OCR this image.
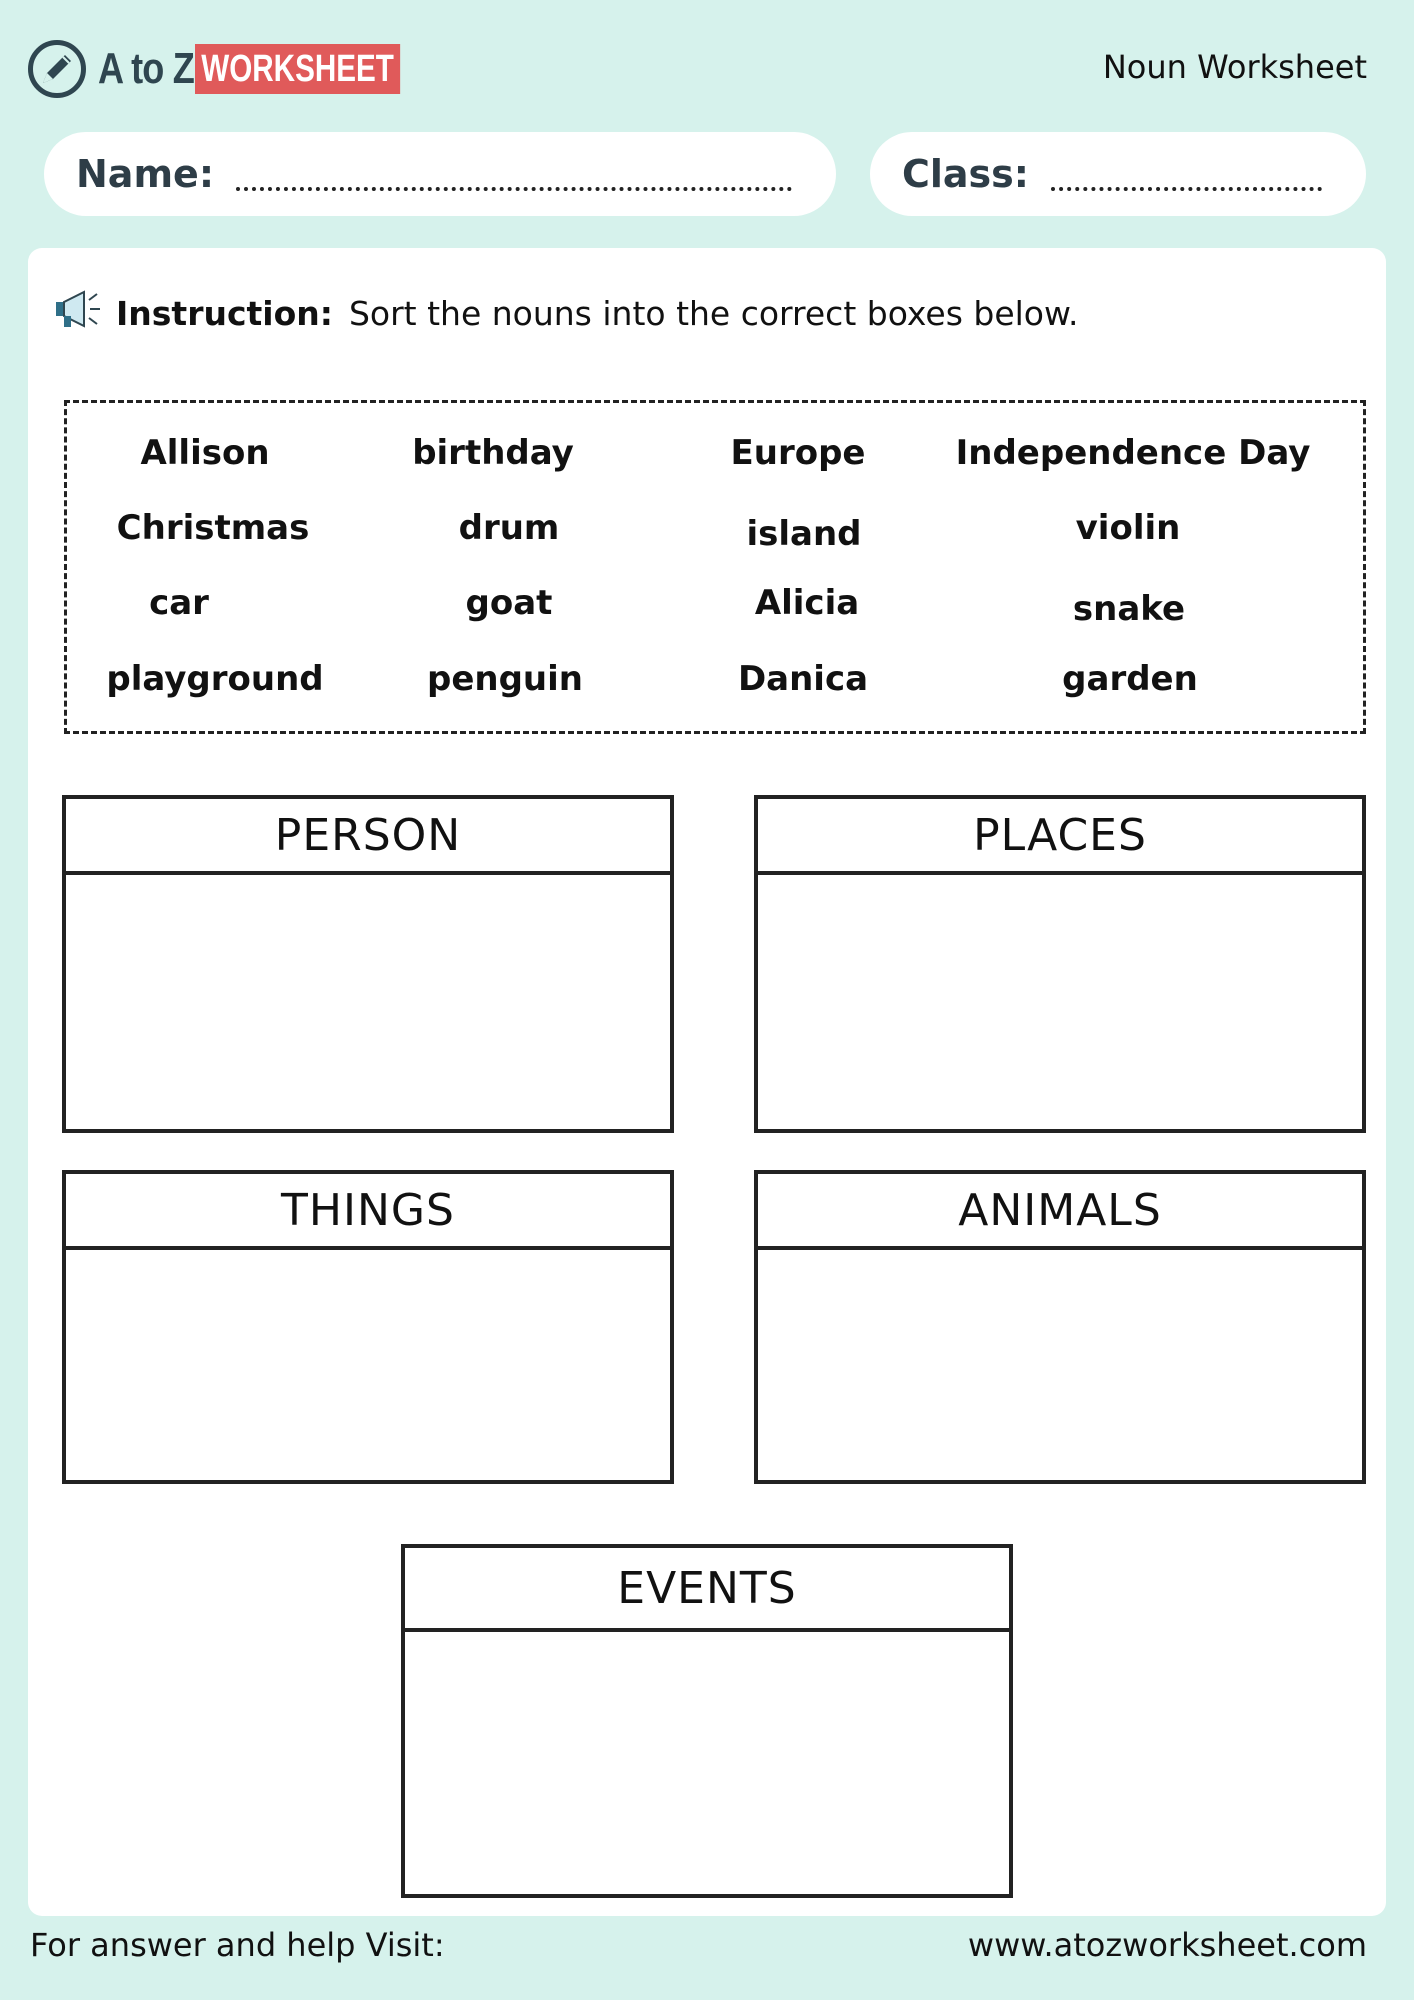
A to Z WORKSHEET	Noun Worksheet
Name:	Class:
Instruction: Sort the nouns into the correct boxes below.
Allison	birthday	Europe	Independence Day
Christmas	drum	island	violin
car	goat	Alicia	snake
playground	penguin	Danica	garden
PERSON	PLACES
THINGS	ANIMALS
EVENTS
For answer and help Visit:	www.atozworksheet.com
